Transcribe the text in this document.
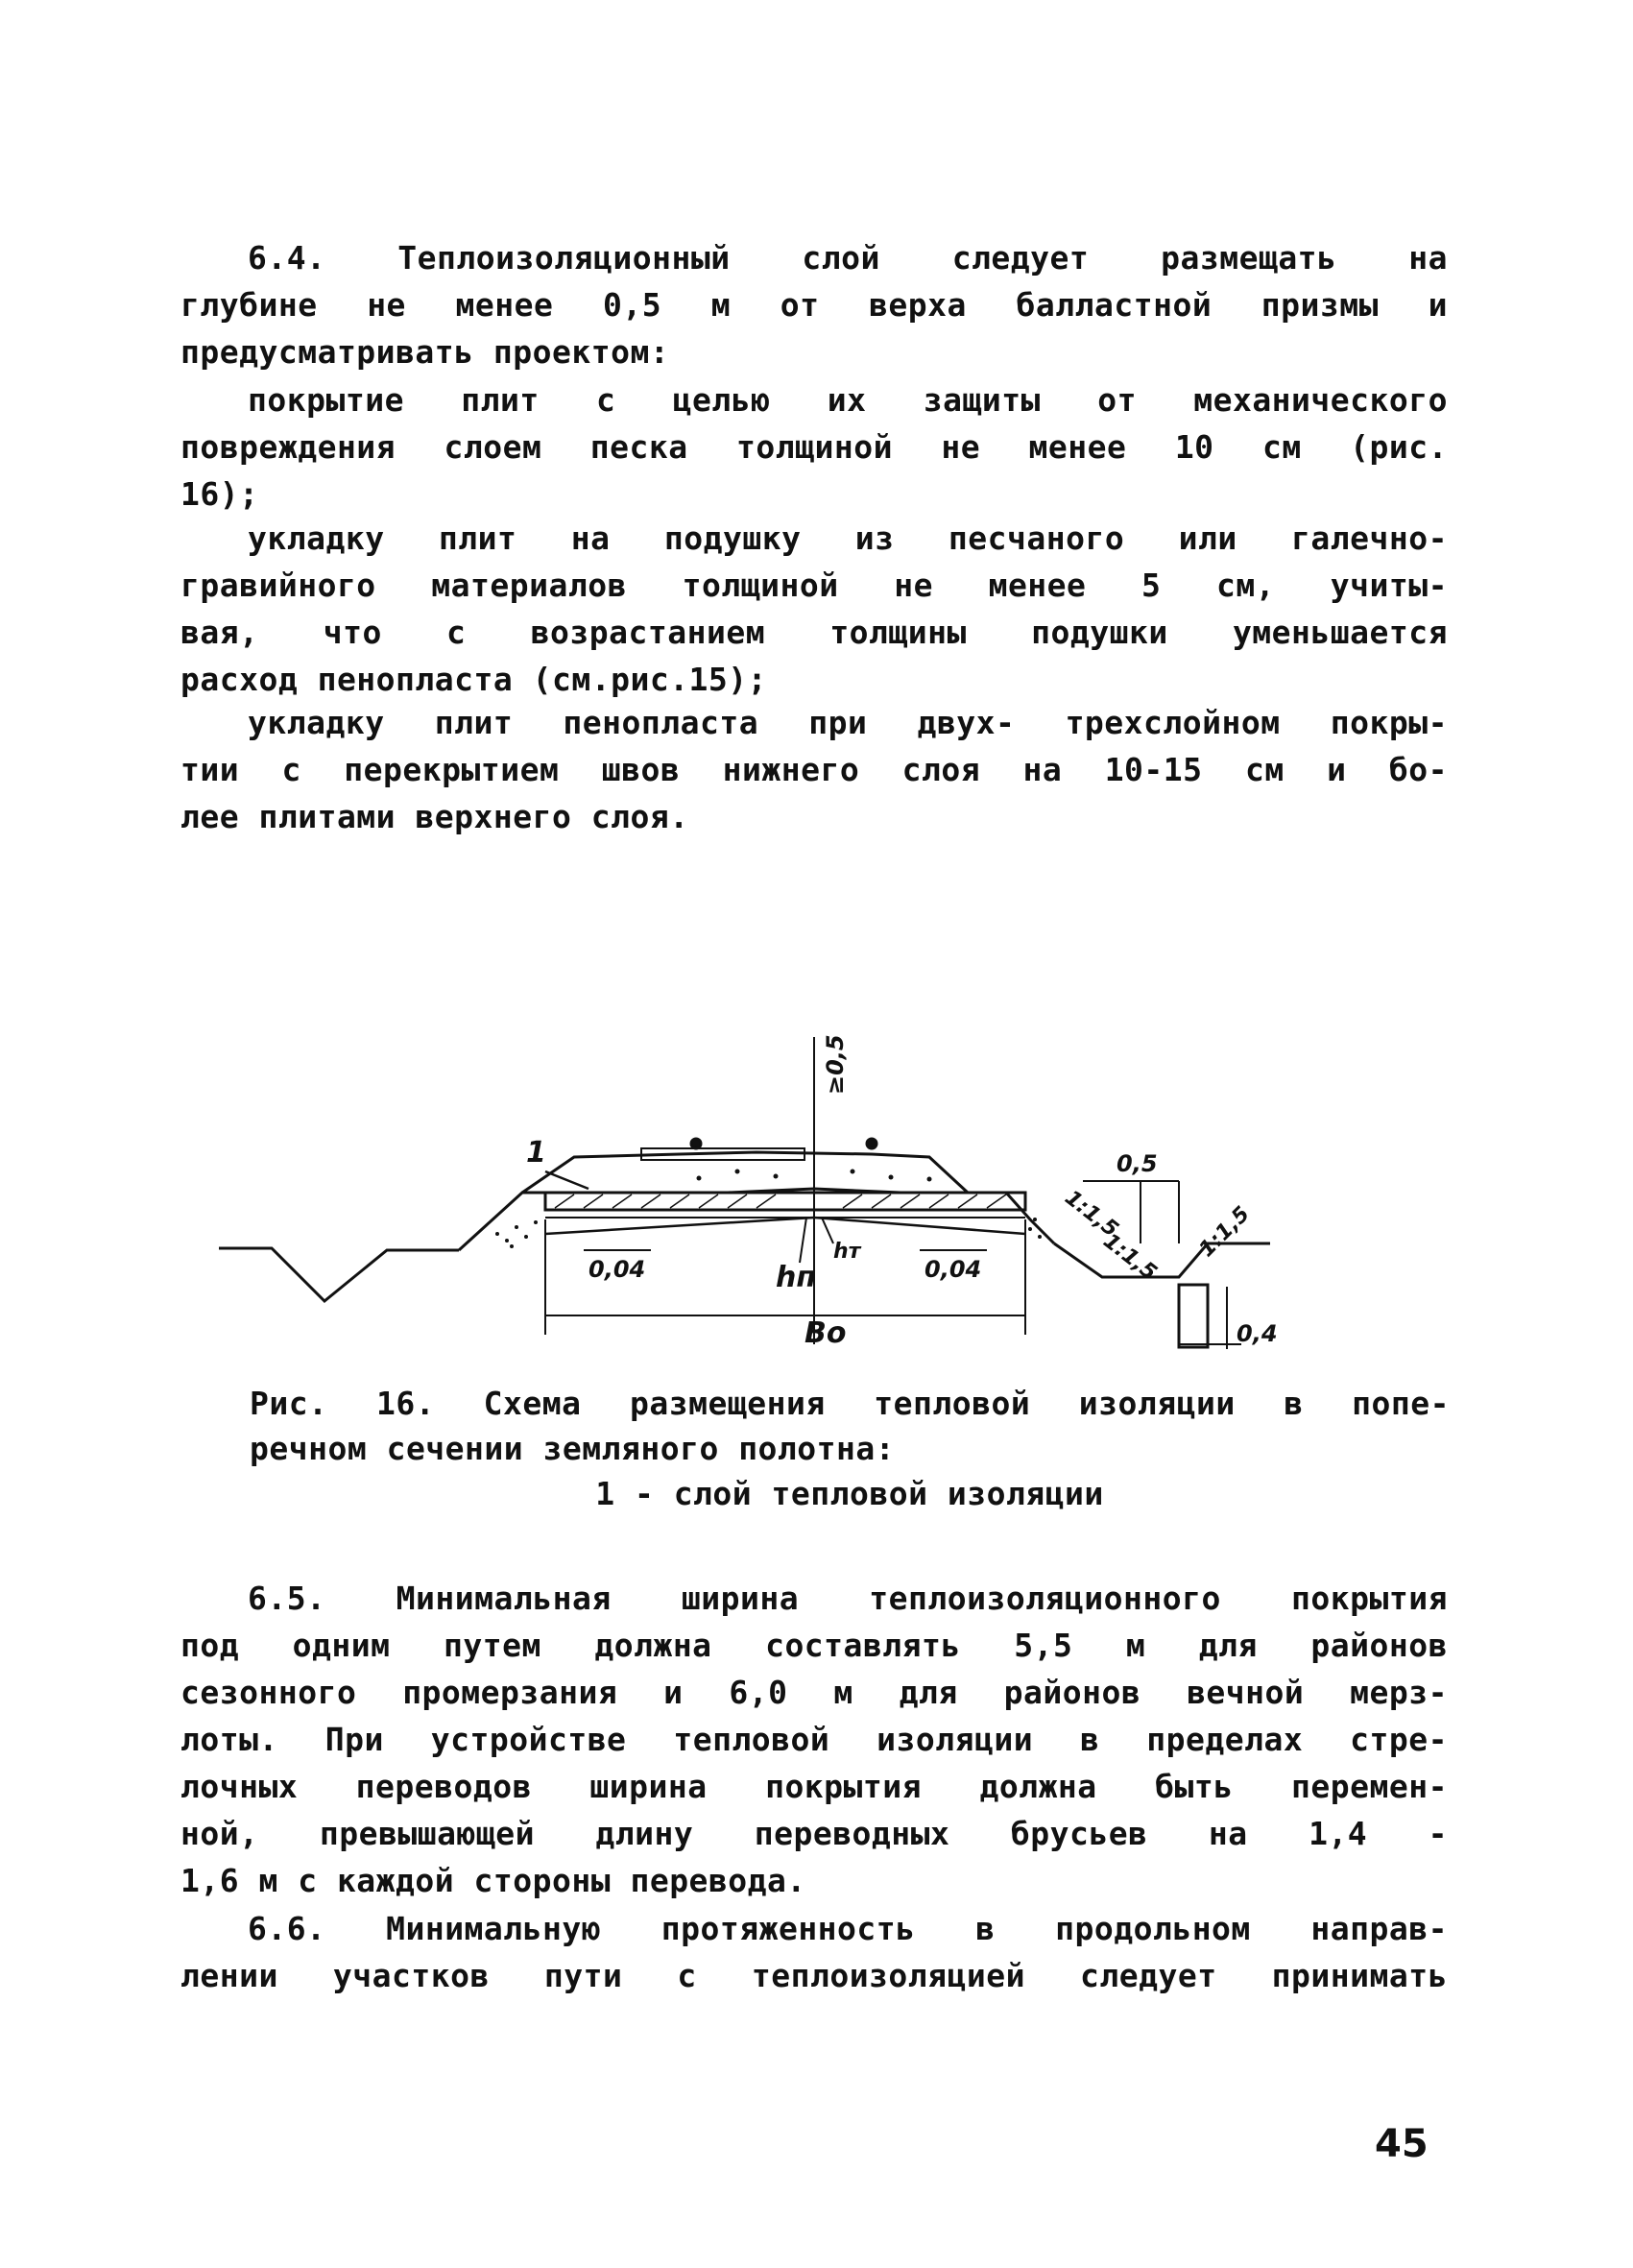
6.4. Теплоизоляционный слой следует размещать на
глубине не менее 0,5 м от верха балластной призмы и
предусматривать проектом:
покрытие плит с целью их защиты от механического
повреждения слоем песка толщиной не менее 10 см (рис.
16);
укладку плит на подушку из песчаного или галечно-
гравийного материалов толщиной не менее 5 см, учиты-
вая, что с возрастанием толщины подушки уменьшается
расход пенопласта (см.рис.15);
укладку плит пенопласта при двух- трехслойном покры-
тии с перекрытием швов нижнего слоя на 10-15 см и бо-
лее плитами верхнего слоя.
1
≥0,5
0,5
1:1,5
1:1,5 1:1,5
0,4
0,04	0,04
hп
hт
Bo
Рис. 16. Схема размещения тепловой изоляции в попе-
речном сечении земляного полотна:
1 - слой тепловой изоляции
6.5. Минимальная ширина теплоизоляционного покрытия
под одним путем должна составлять 5,5 м для районов
сезонного промерзания и 6,0 м для районов вечной мерз-
лоты. При устройстве тепловой изоляции в пределах стре-
лочных переводов ширина покрытия должна быть перемен-
ной, превышающей длину переводных брусьев на 1,4 -
1,6 м с каждой стороны перевода.
6.6. Минимальную протяженность в продольном направ-
лении участков пути с теплоизоляцией следует принимать
45
